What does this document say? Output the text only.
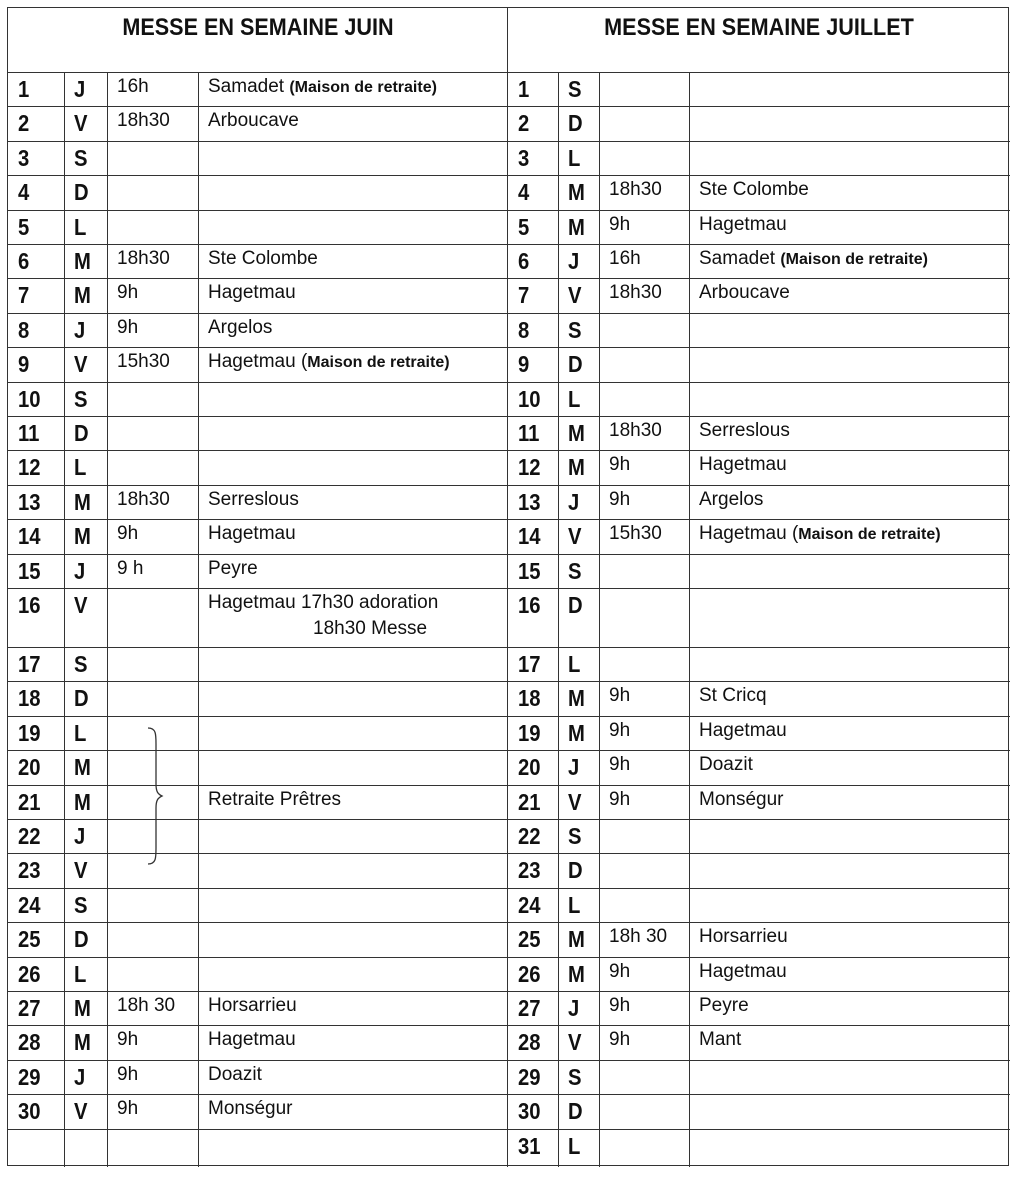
1 J 16h	Samadet (Maison de retraite)
2 V 18h30 Arboucave
3 S
4 D
5 L
6 M 18h30 Ste Colombe
7 M 9h	Hagetmau
8 J 9h	Argelos
9 V 15h30 Hagetmau (Maison de retraite)
10 S
11 D
12 L
13 M 18h30 Serreslous
14 M 9h	Hagetmau
15 J 9 h	Peyre
16 V	Hagetmau 17h30 adoration
18h30 Messe
17 S
18 D
19 L
20 M
21 M	Retraite Prêtres
22 J
23 V
24 S
25 D
26 L
27 M 18h 30 Horsarrieu
28 M 9h	Hagetmau
29 J 9h	Doazit
30 V 9h	Monségur
1 S
2 D
3 L
4 M 18h30 Ste Colombe
5 M 9h	Hagetmau
6 J 16h	Samadet (Maison de retraite)
7 V 18h30 Arboucave
8 S
9 D
10 L
11 M 18h30 Serreslous
12 M 9h	Hagetmau
13 J 9h	Argelos
14 V 15h30 Hagetmau (Maison de retraite)
15 S
16 D
17 L
18 M 9h	St Cricq
19 M 9h	Hagetmau
20 J 9h	Doazit
21 V 9h	Monségur
22 S
23 D
24 L
25 M 18h 30 Horsarrieu
26 M 9h	Hagetmau
27 J 9h	Peyre
28 V 9h	Mant
29 S
30 D
31 L
MESSE EN SEMAINE JUIN	MESSE EN SEMAINE JUILLET
